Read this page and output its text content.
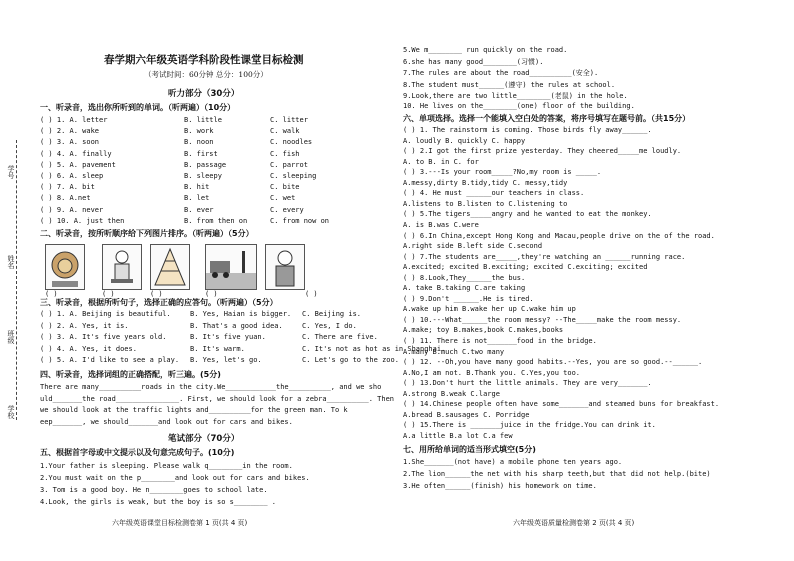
学号
姓名
班级
学校
春学期六年级英语学科阶段性课堂目标检测
（考试时间：60分钟 总分：100分）
听力部分（30分）
一、听录音，选出你所听到的单词。（听两遍）（10分）
( ) 1. A. letter	B. little	C. litter
( ) 2. A. wake	B. work	C. walk
( ) 3. A. soon	B. noon	C. noodles
( ) 4. A. finally	B. first	C. fish
( ) 5. A. pavement	B. passage	C. parrot
( ) 6. A. sleep	B. sleepy	C. sleeping
( ) 7. A. bit	B. hit	C. bite
( ) 8. A.net	B. let	C. wet
( ) 9. A. never	B. ever	C. every
( ) 10. A. just then	B. from then on	C. from now on
二、听录音，按所听顺序给下列图片排序。（听两遍）（5分）
( )	( )	( )	( )	( )
三、听录音，根据所听句子，选择正确的应答句。（听两遍）（5分）
( ) 1. A. Beijing is beautiful.	B. Yes, Haian is bigger. C. Beijing is.
( ) 2. A. Yes, it is.	B. That's a good idea.	C. Yes, I do.
( ) 3. A. It's five years old.	B. It's five yuan.	C. There are five.
( ) 4. A. Yes, it does.	B. It's warm.	C. It's not as hot as in Shanghai.
( ) 5. A. I'd like to see a play. B. Yes, let's go.	C. Let's go to the zoo.
四、听录音，选择词组的正确搭配，听三遍。(5分)
There are many__________roads in the city.We____________the__________, and we sho
uld_______the road_______________. First, we should look for a zebra__________. Then
we should look at the traffic lights and__________for the green man. To k
eep_______, we should_______and look out for cars and bikes.
笔试部分（70分）
五、根据首字母或中文提示以及句意完成句子。(10分)
1.Your father is sleeping. Please walk q________in the room.
2.You must wait on the p________and look out for cars and bikes.
3. Tom is a good boy. He n________goes to school late.
4.Look, the girls is weak, but the boy is so s________ .
六年级英语课堂目标检测卷第 1 页(共 4 页)
5.We m________ run quickly on the road.
6.she has many good________(习惯).
7.The rules are about the road__________(安全).
8.The student must______(遵守) the rules at school.
9.Look,there are two little________(老鼠) in the hole.
10. He lives on the________(one) floor of the building.
六、单项选择。选择一个能填入空白处的答案，将序号填写在题号前。（共15分）
( ) 1. The rainstorm is coming. Those birds fly away______.
A. loudly B. quickly C. happy
( ) 2.I got the first prize yesterday. They cheered_____me loudly.
A. to B. in C. for
( ) 3.---Is your room_____?No,my room is _____.
A.messy,dirty B.tidy,tidy C. messy,tidy
( ) 4. He must ______our teachers in class.
A.listens to B.listen to C.listening to
( ) 5.The tigers_____angry and he wanted to eat the monkey.
A. is B.was C.were
( ) 6.In China,except Hong Kong and Macau,people drive on the of the road.
A.right side B.left side C.second
( ) 7.The students are_____,they're watching an ______running race.
A.excited; excited B.exciting; excited C.exciting; excited
( ) 8.Look,They______the bus.
A. take B.taking C.are taking
( ) 9.Don't ______.He is tired.
A.wake up him B.wake her up C.wake him up
( ) 10.---What______the room messy? --The_____make the room messy.
A.make; toy B.makes,book C.makes,books
( ) 11. There is not_______food in the bridge.
A.many B.much C.two many
( ) 12. --Oh,you have many good habits.--Yes, you are so good.--______.
A.No,I am not. B.Thank you. C.Yes,you too.
( ) 13.Don't hurt the little animals. They are very_______.
A.strong B.weak C.large
( ) 14.Chinese people often have some_______and steamed buns for breakfast.
A.bread B.sausages C. Porridge
( ) 15.There is _______juice in the fridge.You can drink it.
A.a little B.a lot C.a few
七、用所给单词的适当形式填空(5分)
1.She_______(not have) a mobile phone ten years ago.
2.The lion______the net with his sharp teeth,but that did not help.(bite)
3.He often______(finish) his homework on time.
六年级英语质量检测卷第 2 页(共 4 页)
